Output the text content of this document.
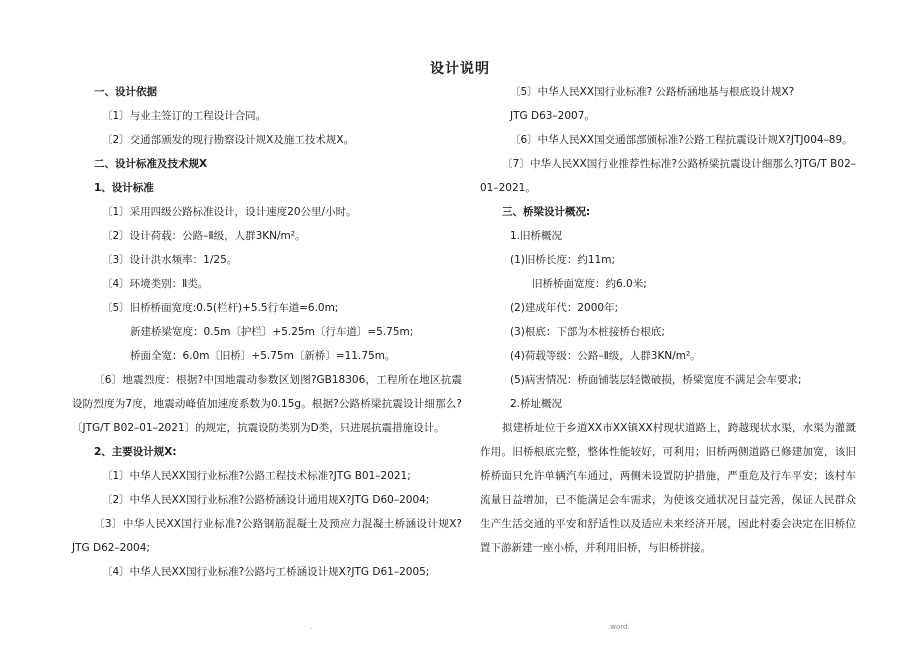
设计说明
一、设计依据
〔1〕与业主签订的工程设计合同。
〔2〕交通部颁发的现行勘察设计规Χ及施工技术规Χ。
二、设计标准及技术规Χ
1、设计标准
〔1〕采用四级公路标准设计，设计速度20公里/小时。
〔2〕设计荷载：公路–Ⅱ级，人群3KN/m²。
〔3〕设计洪水频率：1/25。
〔4〕环境类别：Ⅱ类。
〔5〕旧桥桥面宽度:0.5(栏杆)+5.5行车道=6.0m;
新建桥梁宽度：0.5m〔护栏〕+5.25m〔行车道〕=5.75m;
桥面全宽：6.0m〔旧桥〕+5.75m〔新桥〕=11.75m。
〔6〕地震烈度：根据?中国地震动参数区划图?GB18306，工程所在地区抗震设防烈度为7度，地震动峰值加速度系数为0.15g。根据?公路桥梁抗震设计细那么?〔JTG/T B02–01–2021〕的规定，抗震设防类别为D类，只进展抗震措施设计。
2、主要设计规Χ:
〔1〕中华人民XX国行业标准?公路工程技术标准?JTG B01–2021;
〔2〕中华人民XX国行业标准?公路桥涵设计通用规Χ?JTG D60–2004;
〔3〕中华人民XX国行业标准?公路钢筋混凝土及预应力混凝土桥涵设计规Χ?JTG D62–2004;
〔4〕中华人民XX国行业标准?公路圬工桥涵设计规Χ?JTG D61–2005;
〔5〕中华人民XX国行业标准? 公路桥涵地基与根底设计规Χ?
JTG D63–2007。
〔6〕中华人民XX国交通部部颁标准?公路工程抗震设计规Χ?JTJ004–89。
〔7〕中华人民XX国行业推荐性标准?公路桥梁抗震设计细那么?JTG/T B02–01–2021。
三、桥梁设计概况:
1.旧桥概况
(1)旧桥长度：约11m;
旧桥桥面宽度：约6.0米;
(2)建成年代：2000年;
(3)根底：下部为木桩接桥台根底;
(4)荷载等级：公路–Ⅱ级，人群3KN/m²。
(5)病害情况：桥面铺装层轻微破损，桥梁宽度不满足会车要求;
2.桥址概况
拟建桥址位于乡道XX市XX镇XX村现状道路上，跨越现状水渠，水渠为灌溉作用。旧桥根底完整，整体性能较好，可利用；旧桥两侧道路已修建加宽，该旧桥桥面只允许单辆汽车通过，两侧未设置防护措施，严重危及行车平安；该村车流量日益增加，已不能满足会车需求，为使该交通状况日益完善，保证人民群众生产生活交通的平安和舒适性以及适应未来经济开展，因此村委会决定在旧桥位置下游新建一座小桥，并利用旧桥，与旧桥拼接。
.	.word.
